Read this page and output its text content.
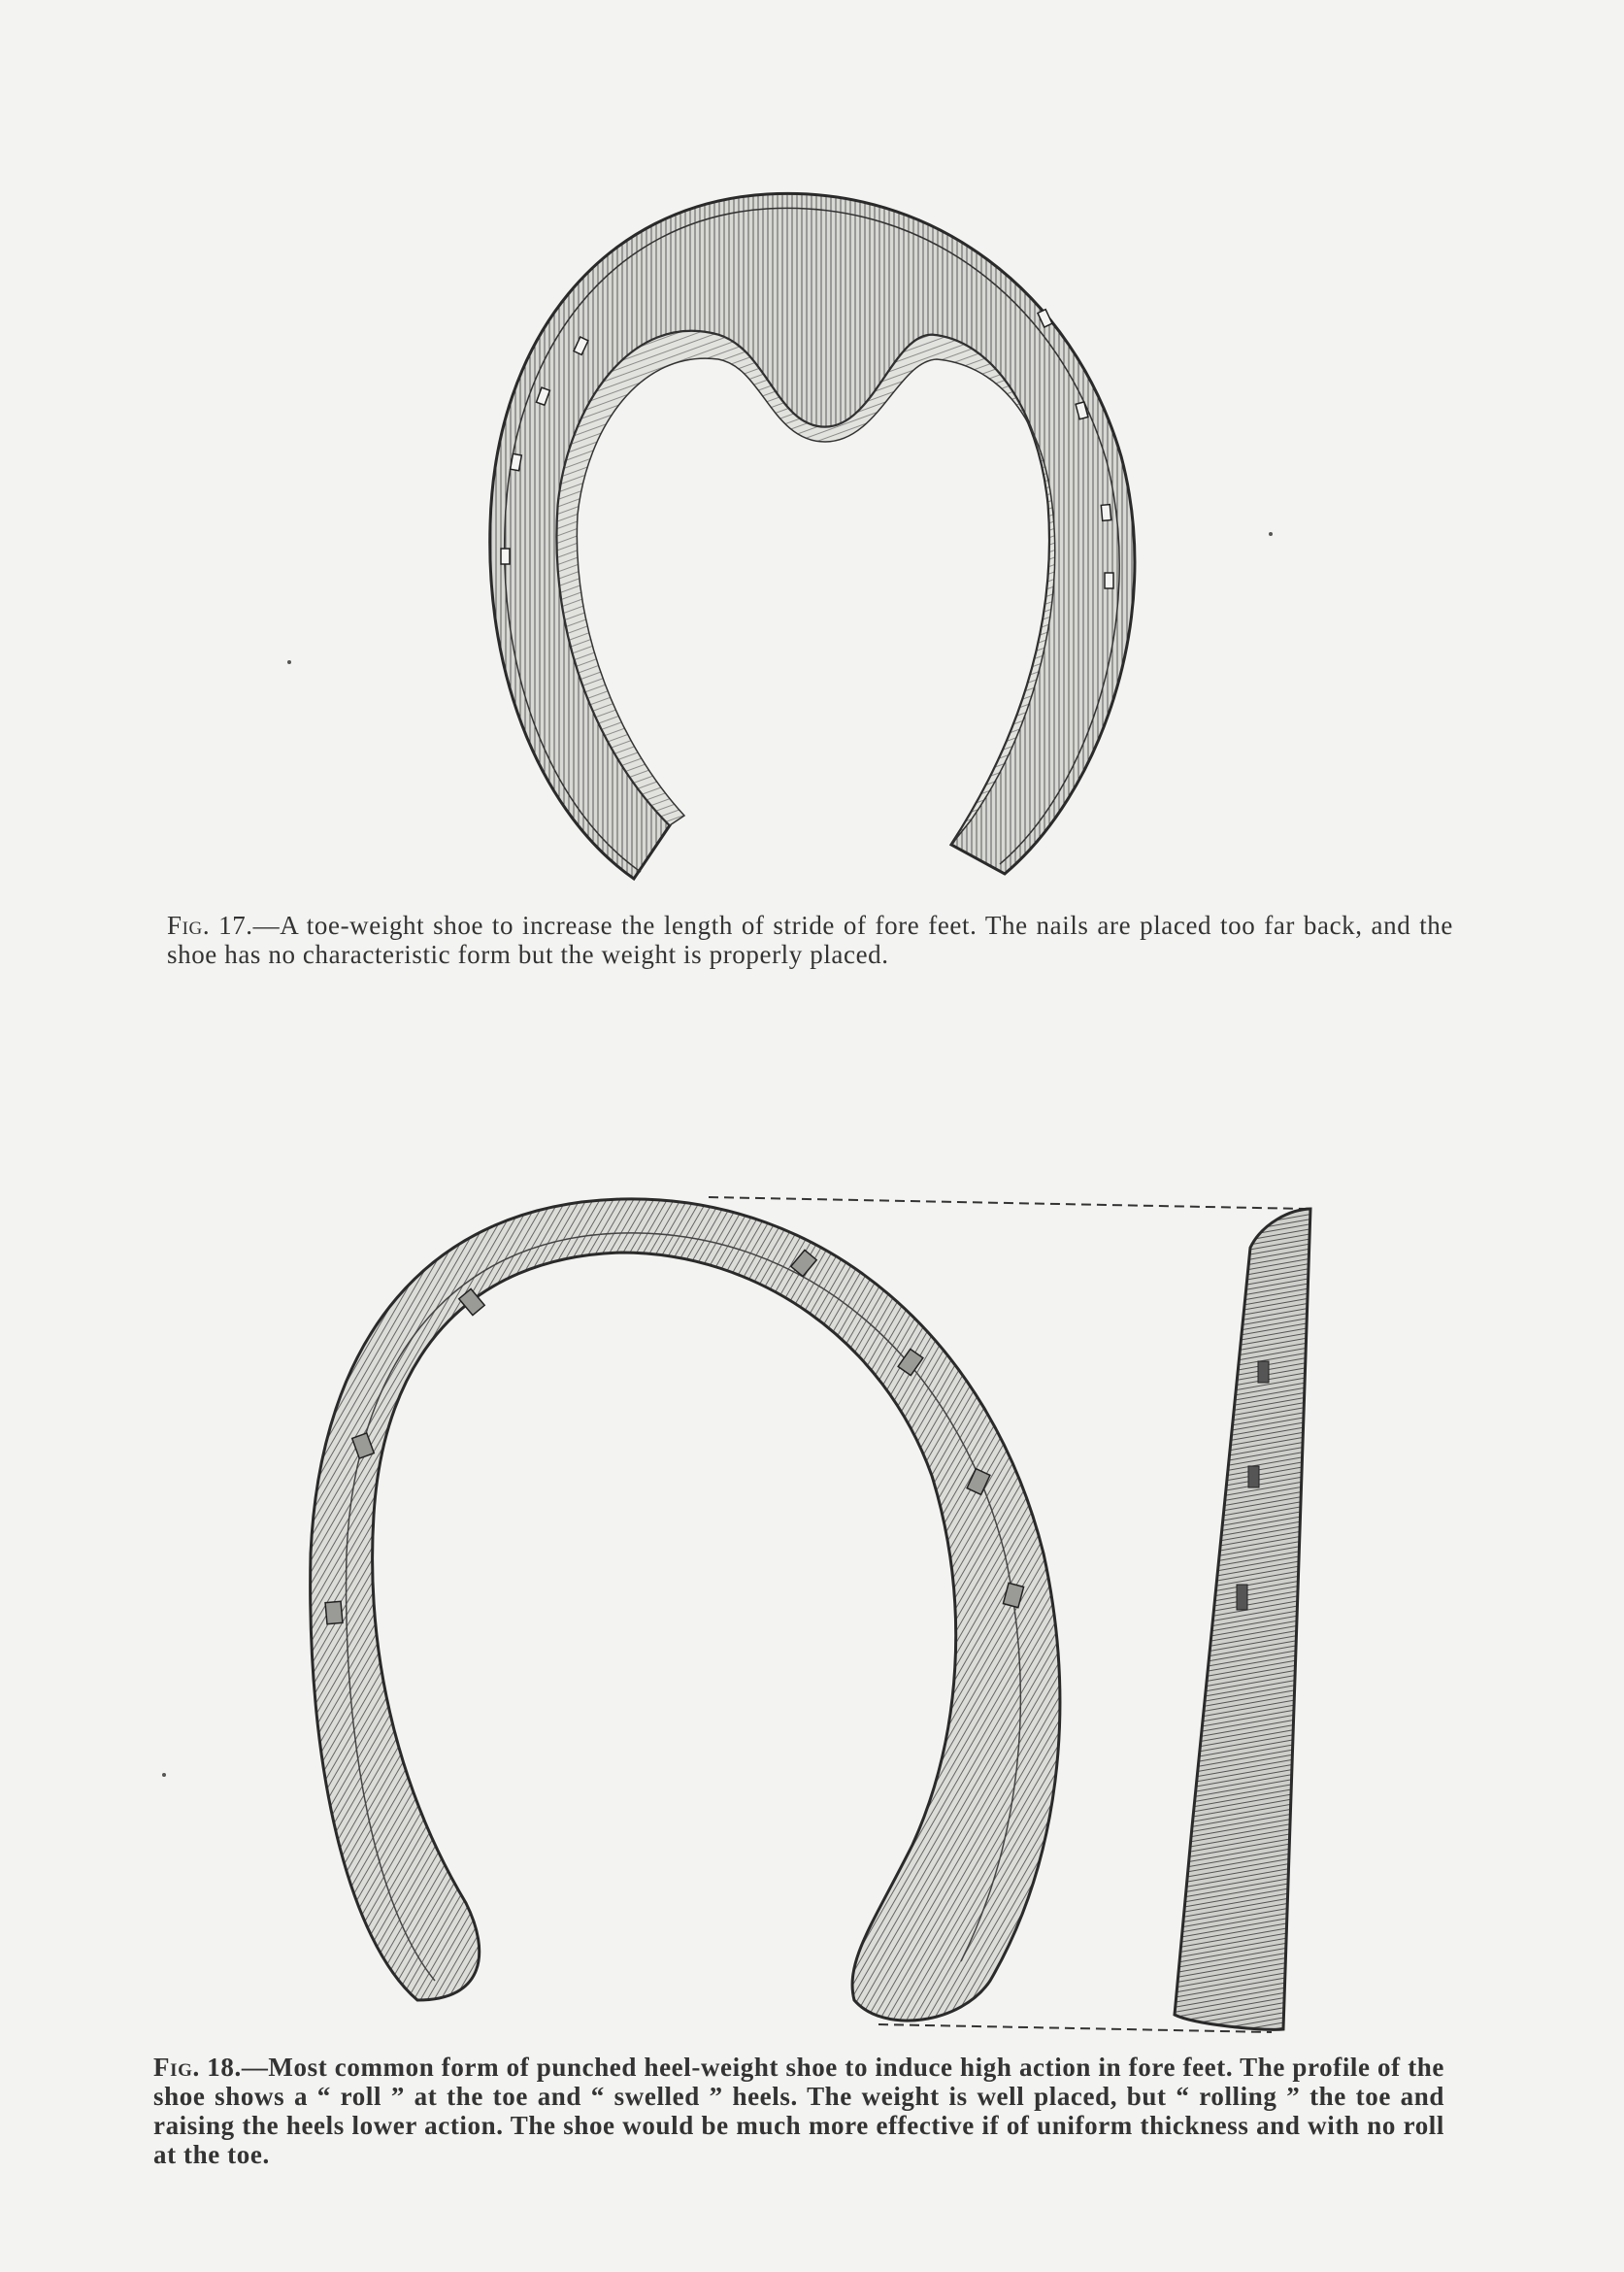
Fig. 17.—A toe-weight shoe to increase the length of stride of fore feet. The nails are placed too far back, and the shoe has no characteristic form but the weight is properly placed.
Fig. 18.—Most common form of punched heel-weight shoe to induce high action in fore feet. The profile of the shoe shows a “ roll ” at the toe and “ swelled ” heels. The weight is well placed, but “ rolling ” the toe and raising the heels lower action. The shoe would be much more effective if of uniform thickness and with no roll at the toe.
